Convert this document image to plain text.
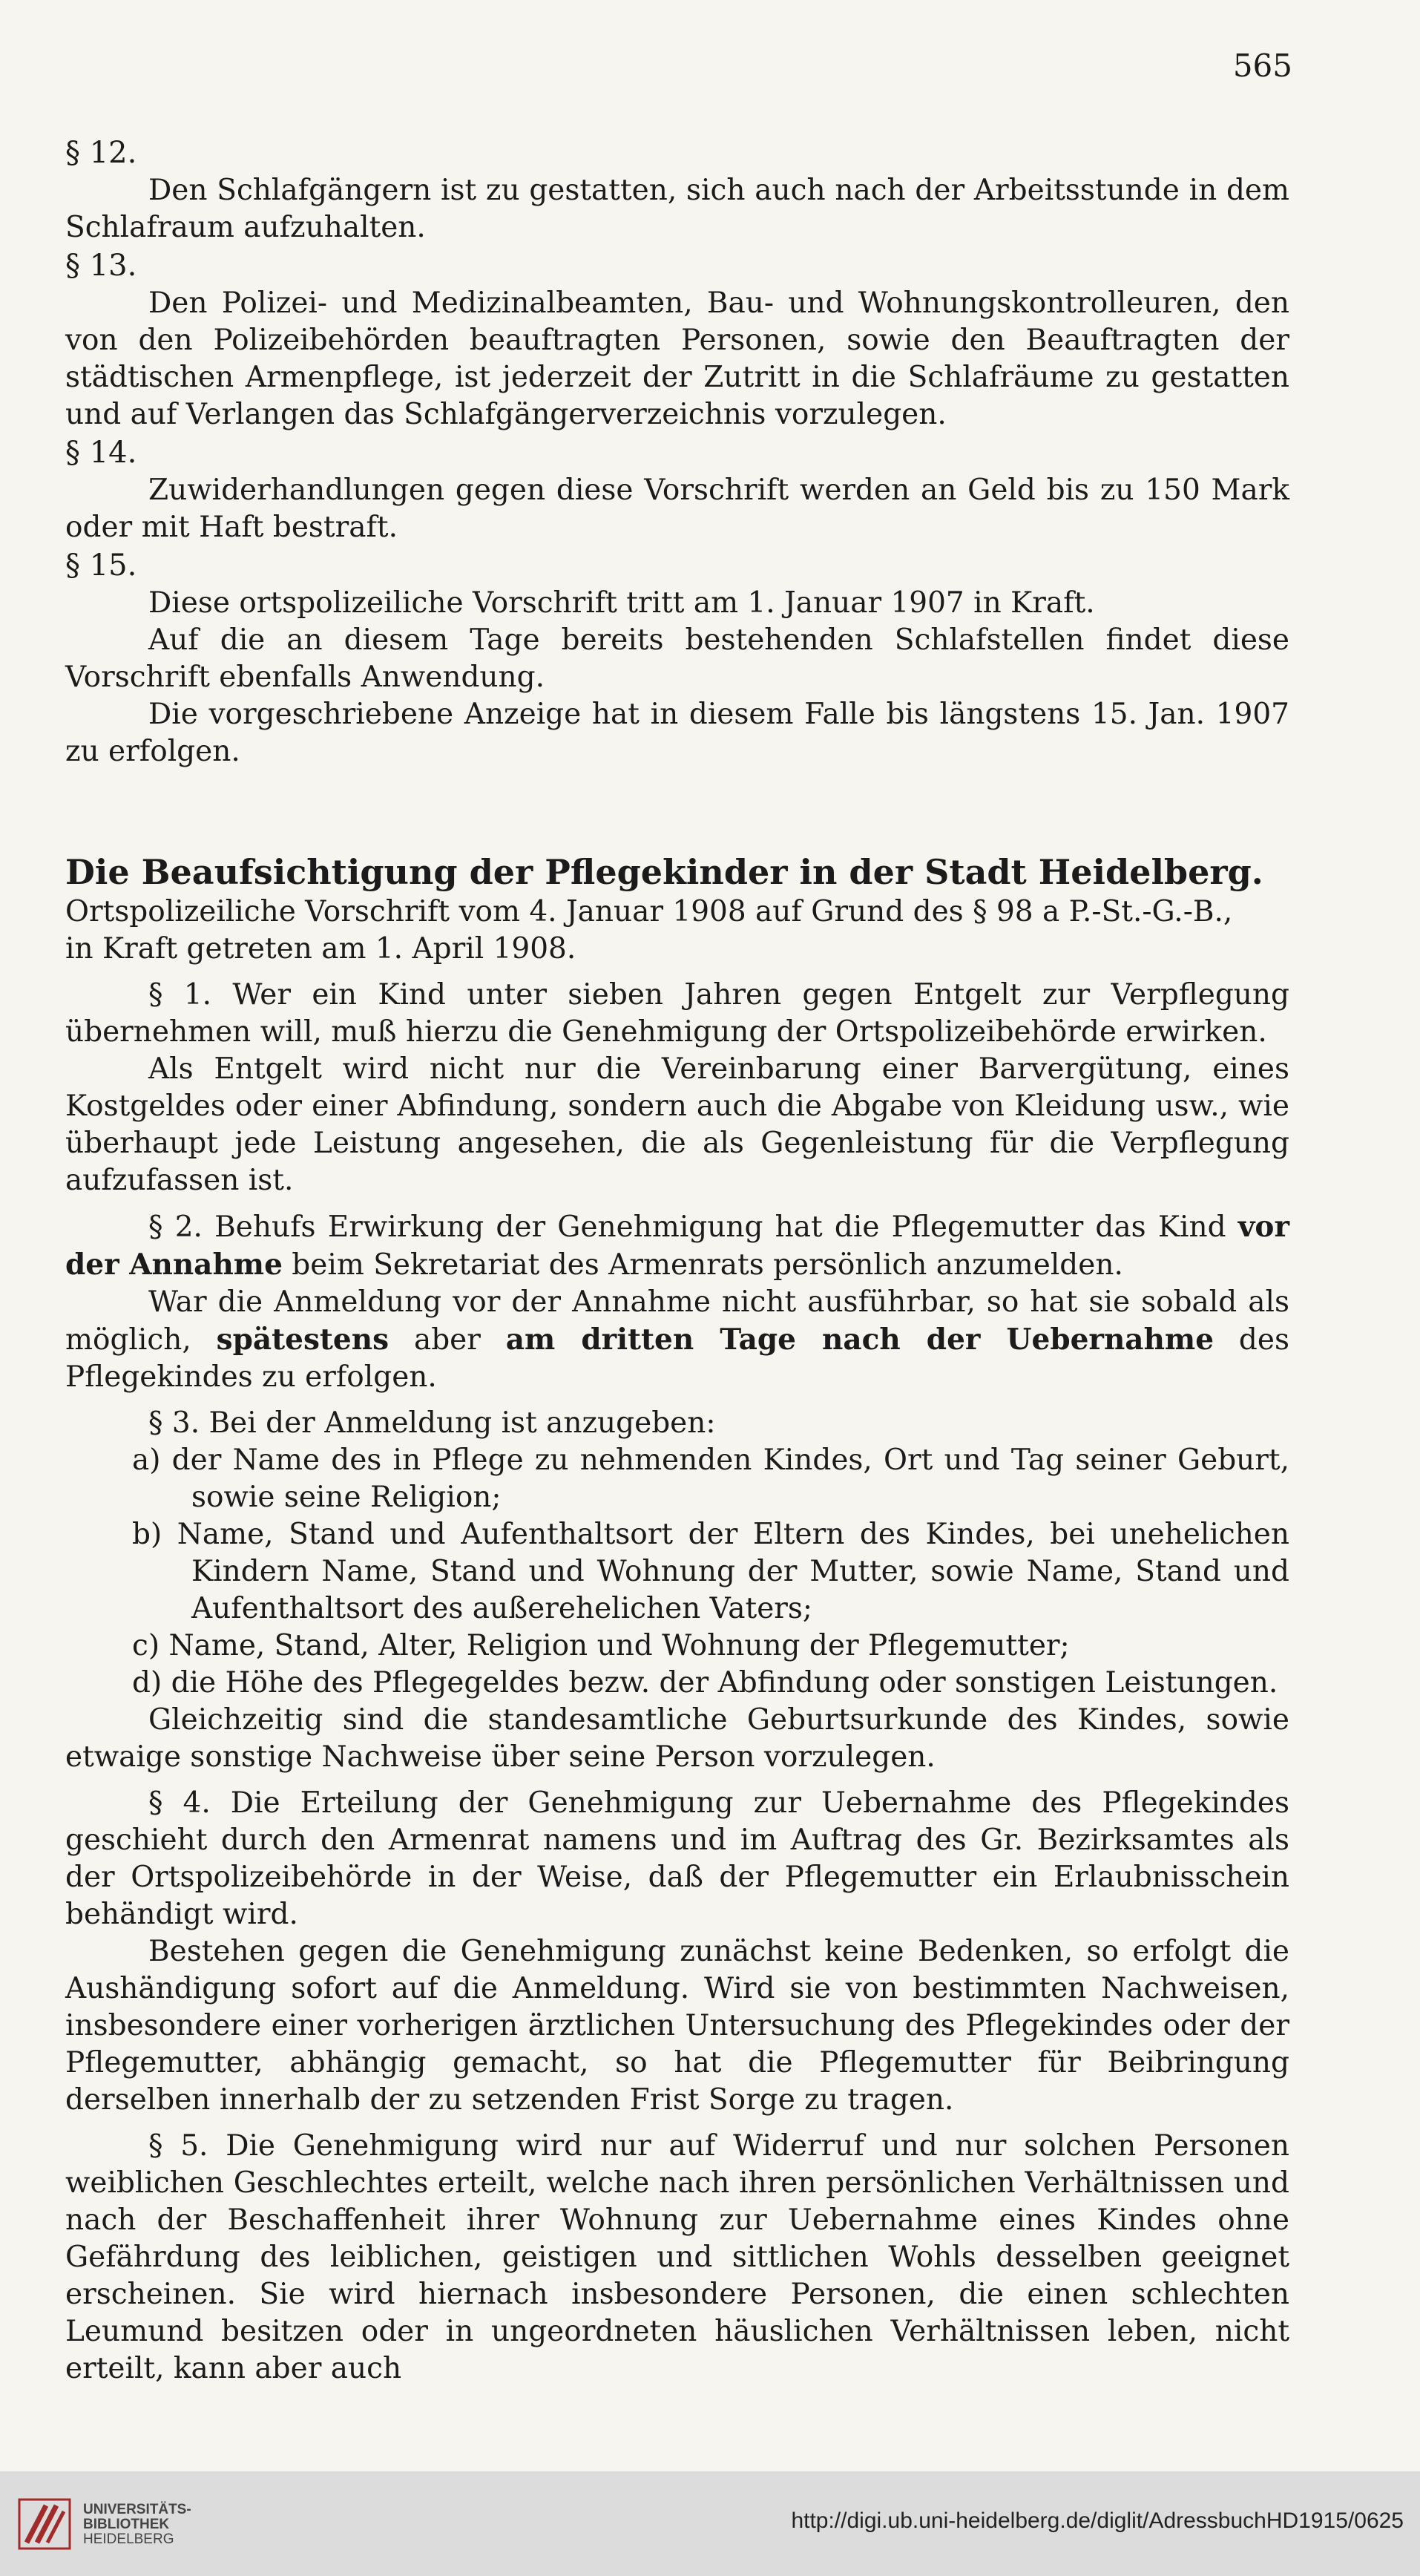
565

§ 12.

Den Schlafgängern ist zu gestatten, sich auch nach der Arbeitsstunde in dem Schlafraum aufzuhalten.

§ 13.

Den Polizei- und Medizinalbeamten, Bau- und Wohnungskontrolleuren, den von den Polizeibehörden beauftragten Personen, sowie den Beauftragten der städtischen Armenpflege, ist jederzeit der Zutritt in die Schlafräume zu gestatten und auf Verlangen das Schlafgängerverzeichnis vorzulegen.

§ 14.

Zuwiderhandlungen gegen diese Vorschrift werden an Geld bis zu 150 Mark oder mit Haft bestraft.

§ 15.

Diese ortspolizeiliche Vorschrift tritt am 1. Januar 1907 in Kraft.

Auf die an diesem Tage bereits bestehenden Schlafstellen findet diese Vorschrift ebenfalls Anwendung.

Die vorgeschriebene Anzeige hat in diesem Falle bis längstens 15. Jan. 1907 zu erfolgen.

Die Beaufsichtigung der Pflegekinder in der Stadt Heidelberg.

Ortspolizeiliche Vorschrift vom 4. Januar 1908 auf Grund des § 98 a P.-St.-G.-B.,

in Kraft getreten am 1. April 1908.

§ 1. Wer ein Kind unter sieben Jahren gegen Entgelt zur Verpflegung übernehmen will, muß hierzu die Genehmigung der Ortspolizeibehörde erwirken.

Als Entgelt wird nicht nur die Vereinbarung einer Barvergütung, eines Kostgeldes oder einer Abfindung, sondern auch die Abgabe von Kleidung usw., wie überhaupt jede Leistung angesehen, die als Gegenleistung für die Verpflegung aufzufassen ist.

§ 2. Behufs Erwirkung der Genehmigung hat die Pflegemutter das Kind vor der Annahme beim Sekretariat des Armenrats persönlich anzumelden.

War die Anmeldung vor der Annahme nicht ausführbar, so hat sie sobald als möglich, spätestens aber am dritten Tage nach der Uebernahme des Pflegekindes zu erfolgen.

§ 3. Bei der Anmeldung ist anzugeben:

a) der Name des in Pflege zu nehmenden Kindes, Ort und Tag seiner Geburt, sowie seine Religion;

b) Name, Stand und Aufenthaltsort der Eltern des Kindes, bei unehelichen Kindern Name, Stand und Wohnung der Mutter, sowie Name, Stand und Aufenthaltsort des außerehelichen Vaters;

c) Name, Stand, Alter, Religion und Wohnung der Pflegemutter;

d) die Höhe des Pflegegeldes bezw. der Abfindung oder sonstigen Leistungen.

Gleichzeitig sind die standesamtliche Geburtsurkunde des Kindes, sowie etwaige sonstige Nachweise über seine Person vorzulegen.

§ 4. Die Erteilung der Genehmigung zur Uebernahme des Pflegekindes geschieht durch den Armenrat namens und im Auftrag des Gr. Bezirksamtes als der Ortspolizeibehörde in der Weise, daß der Pflegemutter ein Erlaubnisschein behändigt wird.

Bestehen gegen die Genehmigung zunächst keine Bedenken, so erfolgt die Aushändigung sofort auf die Anmeldung. Wird sie von bestimmten Nachweisen, insbesondere einer vorherigen ärztlichen Untersuchung des Pflegekindes oder der Pflegemutter, abhängig gemacht, so hat die Pflegemutter für Beibringung derselben innerhalb der zu setzenden Frist Sorge zu tragen.

§ 5. Die Genehmigung wird nur auf Widerruf und nur solchen Personen weiblichen Geschlechtes erteilt, welche nach ihren persönlichen Verhältnissen und nach der Beschaffenheit ihrer Wohnung zur Uebernahme eines Kindes ohne Gefährdung des leiblichen, geistigen und sittlichen Wohls desselben geeignet erscheinen. Sie wird hiernach insbesondere Personen, die einen schlechten Leumund besitzen oder in ungeordneten häuslichen Verhältnissen leben, nicht erteilt, kann aber auch

UNIVERSITÄTS-
BIBLIOTHEK
HEIDELBERG
http://digi.ub.uni-heidelberg.de/diglit/AdressbuchHD1915/0625
